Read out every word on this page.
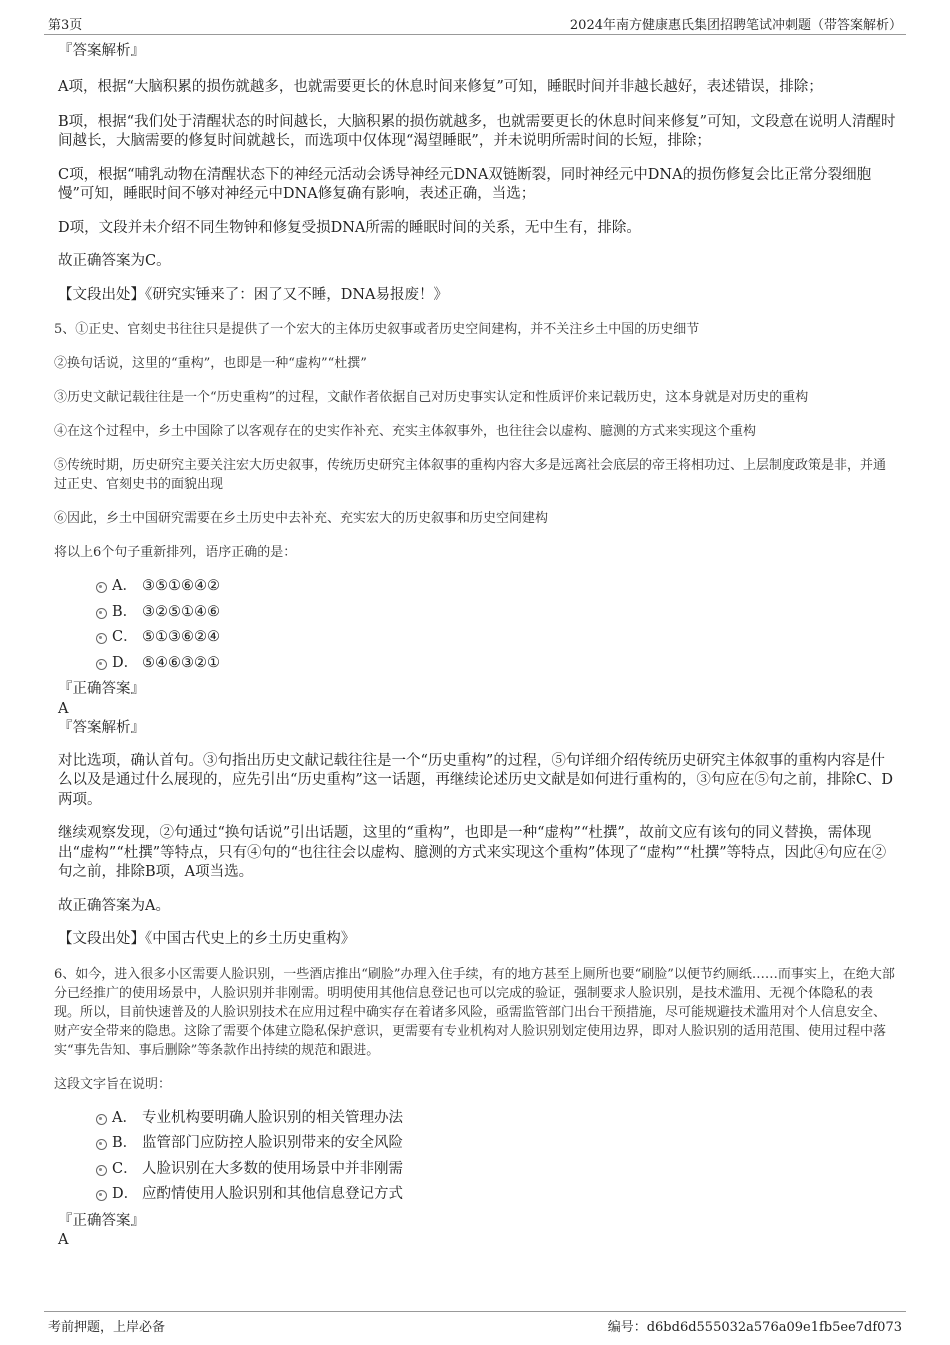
第3页	2024年南方健康惠氏集团招聘笔试冲刺题（带答案解析）
『答案解析』
A项，根据“大脑积累的损伤就越多，也就需要更长的休息时间来修复”可知，睡眠时间并非越长越好，表述错误，排除；
B项，根据“我们处于清醒状态的时间越长，大脑积累的损伤就越多，也就需要更长的休息时间来修复”可知，文段意在说明人清醒时间越长，大脑需要的修复时间就越长，而选项中仅体现“渴望睡眠”，并未说明所需时间的长短，排除；
C项，根据“哺乳动物在清醒状态下的神经元活动会诱导神经元DNA双链断裂，同时神经元中DNA的损伤修复会比正常分裂细胞慢”可知，睡眠时间不够对神经元中DNA修复确有影响，表述正确，当选；
D项，文段并未介绍不同生物钟和修复受损DNA所需的睡眠时间的关系，无中生有，排除。
故正确答案为C。
【文段出处】《研究实锤来了：困了又不睡，DNA易报废！》
5、①正史、官刻史书往往只是提供了一个宏大的主体历史叙事或者历史空间建构，并不关注乡土中国的历史细节
②换句话说，这里的“重构”，也即是一种“虚构”“杜撰”
③历史文献记载往往是一个“历史重构”的过程，文献作者依据自己对历史事实认定和性质评价来记载历史，这本身就是对历史的重构
④在这个过程中，乡土中国除了以客观存在的史实作补充、充实主体叙事外，也往往会以虚构、臆测的方式来实现这个重构
⑤传统时期，历史研究主要关注宏大历史叙事，传统历史研究主体叙事的重构内容大多是远离社会底层的帝王将相功过、上层制度政策是非，并通过正史、官刻史书的面貌出现
⑥因此，乡土中国研究需要在乡土历史中去补充、充实宏大的历史叙事和历史空间建构
将以上6个句子重新排列，语序正确的是：
A． ③⑤①⑥④②
B． ③②⑤①④⑥
C． ⑤①③⑥②④
D． ⑤④⑥③②①
『正确答案』
A
『答案解析』
对比选项，确认首句。③句指出历史文献记载往往是一个“历史重构”的过程，⑤句详细介绍传统历史研究主体叙事的重构内容是什么以及是通过什么展现的，应先引出“历史重构”这一话题，再继续论述历史文献是如何进行重构的，③句应在⑤句之前，排除C、D两项。
继续观察发现，②句通过“换句话说”引出话题，这里的“重构”，也即是一种“虚构”“杜撰”，故前文应有该句的同义替换，需体现出“虚构”“杜撰”等特点，只有④句的“也往往会以虚构、臆测的方式来实现这个重构”体现了“虚构”“杜撰”等特点，因此④句应在②句之前，排除B项，A项当选。
故正确答案为A。
【文段出处】《中国古代史上的乡土历史重构》
6、如今，进入很多小区需要人脸识别，一些酒店推出“刷脸”办理入住手续，有的地方甚至上厕所也要“刷脸”以便节约厕纸……而事实上，在绝大部分已经推广的使用场景中，人脸识别并非刚需。明明使用其他信息登记也可以完成的验证，强制要求人脸识别，是技术滥用、无视个体隐私的表现。所以，目前快速普及的人脸识别技术在应用过程中确实存在着诸多风险，亟需监管部门出台干预措施，尽可能规避技术滥用对个人信息安全、财产安全带来的隐患。这除了需要个体建立隐私保护意识，更需要有专业机构对人脸识别划定使用边界，即对人脸识别的适用范围、使用过程中落实“事先告知、事后删除”等条款作出持续的规范和跟进。
这段文字旨在说明：
A． 专业机构要明确人脸识别的相关管理办法
B． 监管部门应防控人脸识别带来的安全风险
C． 人脸识别在大多数的使用场景中并非刚需
D． 应酌情使用人脸识别和其他信息登记方式
『正确答案』
A
考前押题，上岸必备	编号：d6bd6d555032a576a09e1fb5ee7df073
